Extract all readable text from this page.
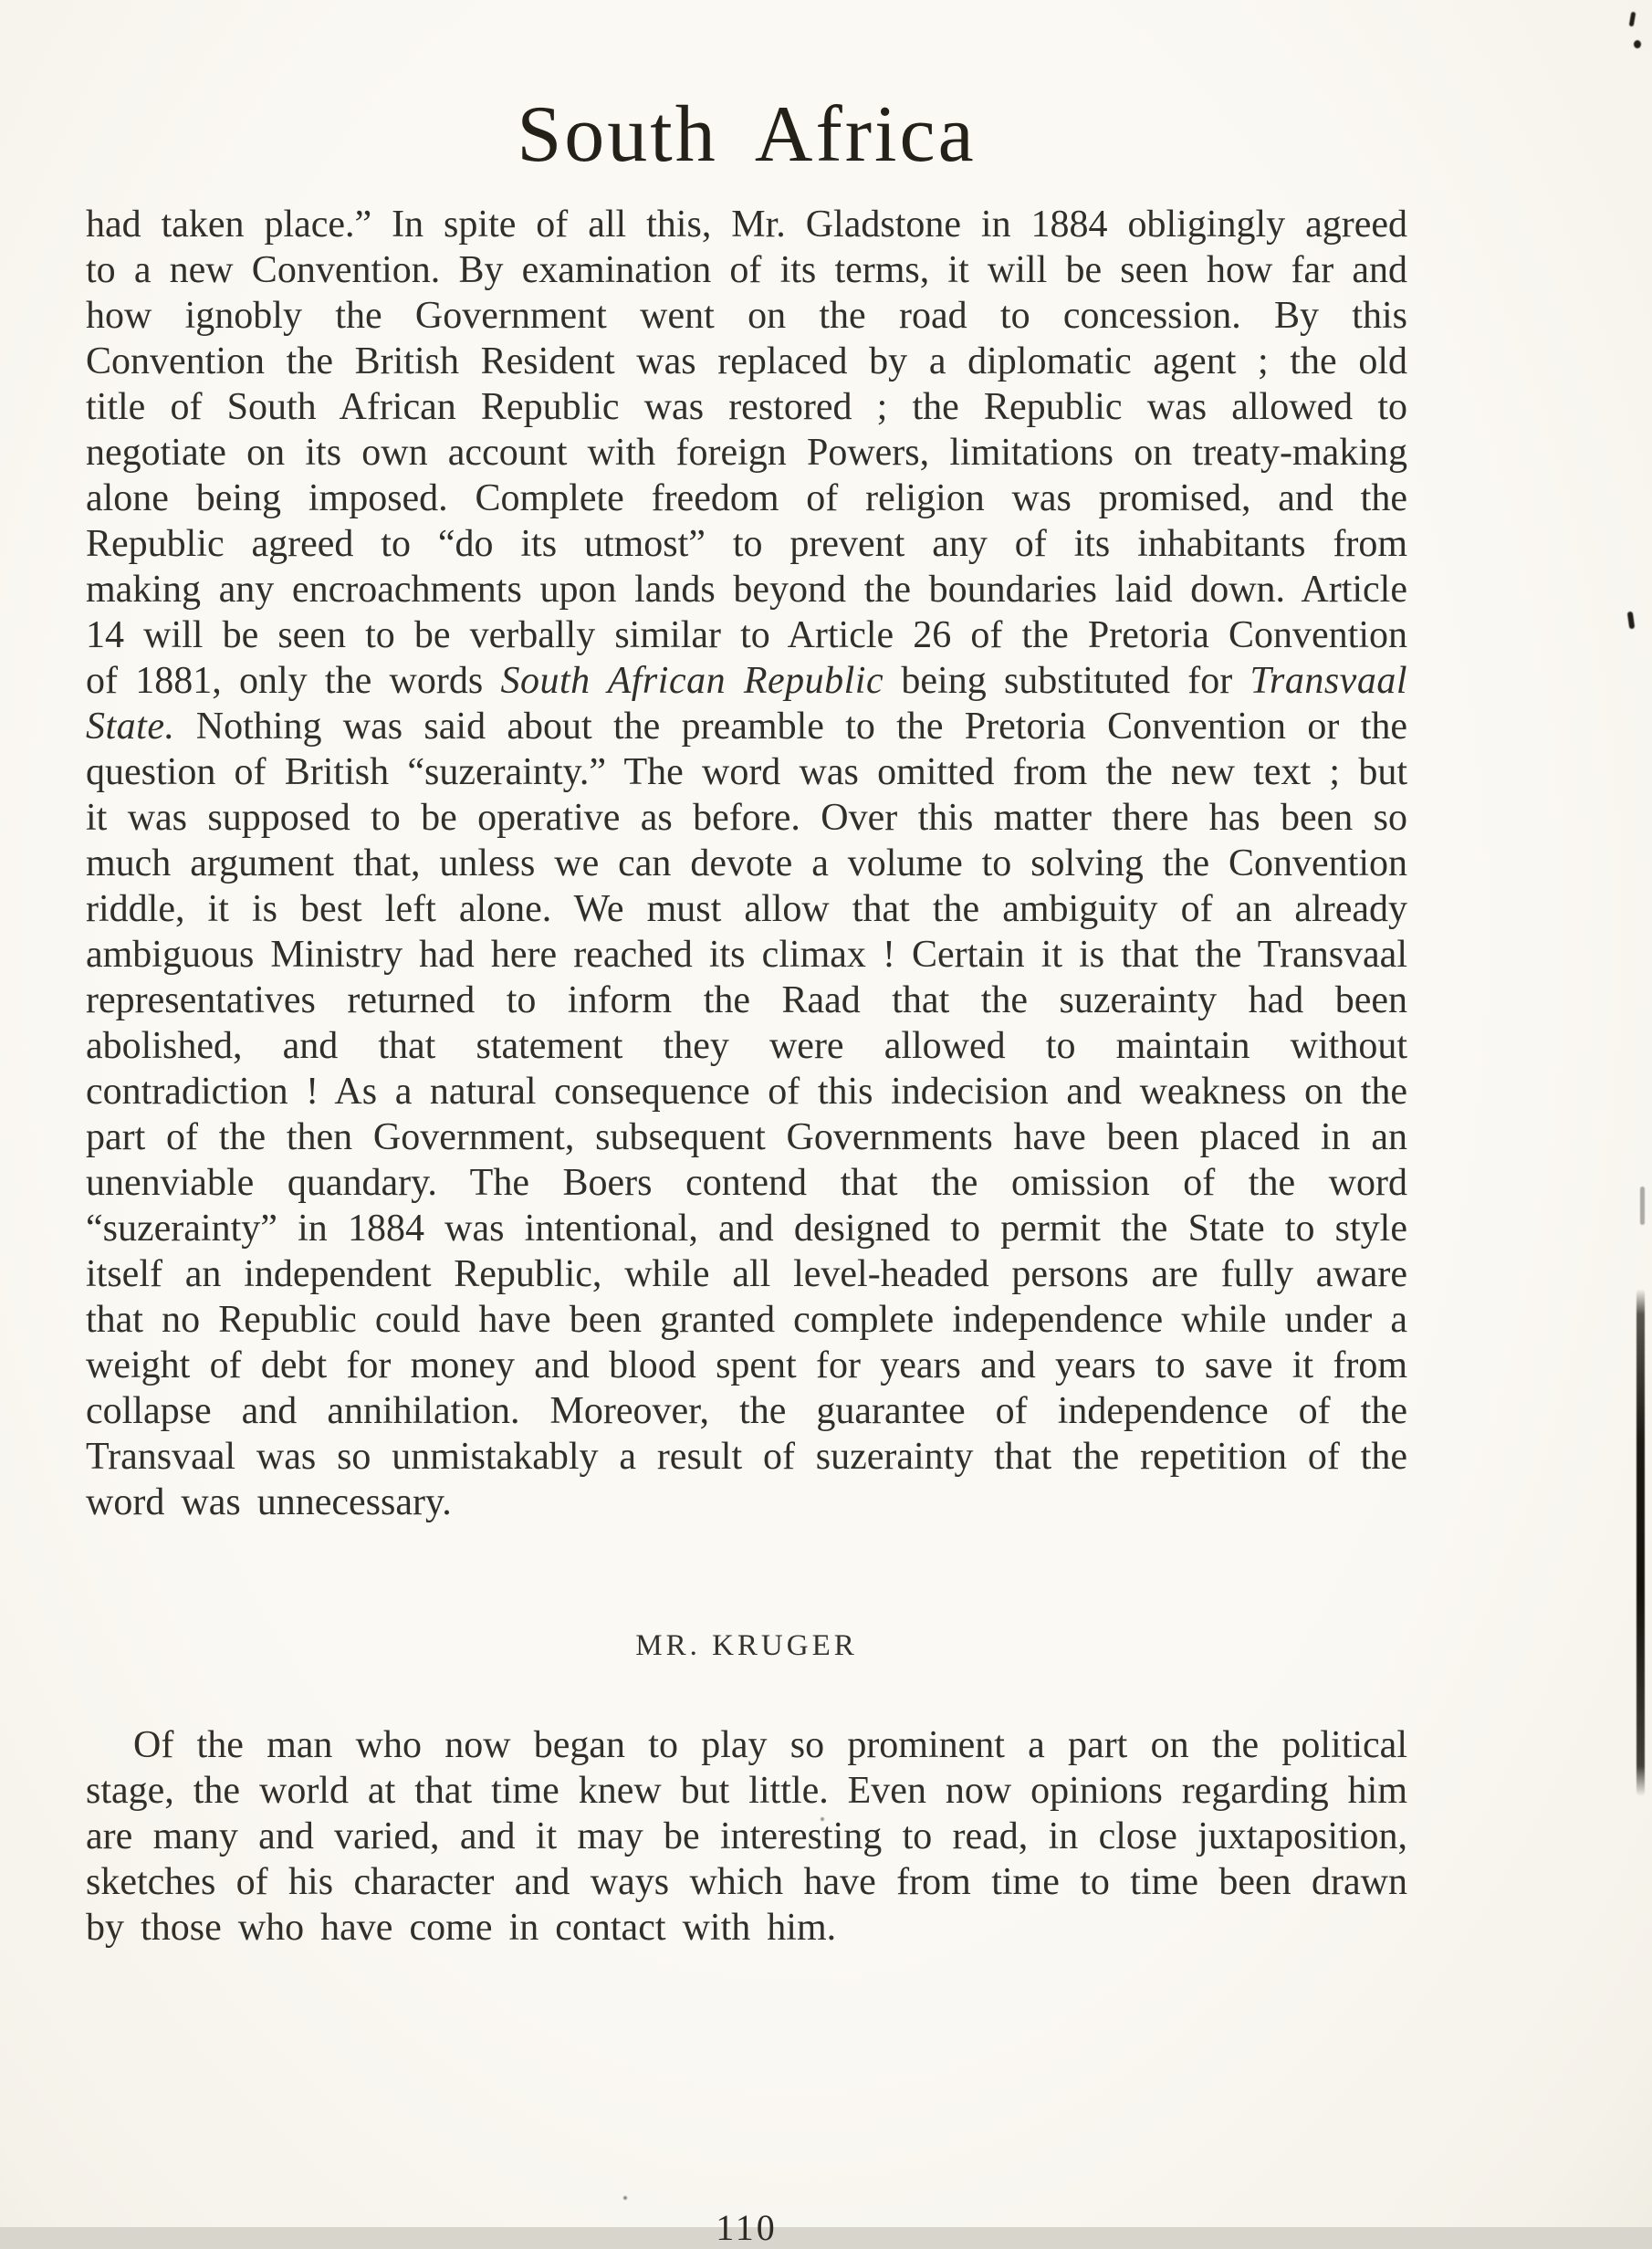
South Africa

had taken place.” In spite of all this, Mr. Gladstone in 1884 obligingly agreed to a new Convention. By examination of its terms, it will be seen how far and how ignobly the Government went on the road to concession. By this Convention the British Resident was replaced by a diplomatic agent ; the old title of South African Republic was restored ; the Republic was allowed to negotiate on its own account with foreign Powers, limitations on treaty-making alone being imposed. Complete freedom of religion was promised, and the Republic agreed to “do its utmost” to prevent any of its inhabitants from making any encroachments upon lands beyond the boundaries laid down. Article 14 will be seen to be verbally similar to Article 26 of the Pretoria Convention of 1881, only the words South African Republic being substituted for Transvaal State. Nothing was said about the preamble to the Pretoria Convention or the question of British “suzerainty.” The word was omitted from the new text ; but it was supposed to be operative as before. Over this matter there has been so much argument that, unless we can devote a volume to solving the Convention riddle, it is best left alone. We must allow that the ambiguity of an already ambiguous Ministry had here reached its climax ! Certain it is that the Transvaal representatives returned to inform the Raad that the suzerainty had been abolished, and that statement they were allowed to maintain without contradiction ! As a natural consequence of this indecision and weakness on the part of the then Government, subsequent Governments have been placed in an unenviable quandary. The Boers contend that the omission of the word “suzerainty” in 1884 was intentional, and designed to permit the State to style itself an independent Republic, while all level-headed persons are fully aware that no Republic could have been granted complete independence while under a weight of debt for money and blood spent for years and years to save it from collapse and annihilation. Moreover, the guarantee of independence of the Transvaal was so unmistakably a result of suzerainty that the repetition of the word was unnecessary.

MR. KRUGER

Of the man who now began to play so prominent a part on the political stage, the world at that time knew but little. Even now opinions regarding him are many and varied, and it may be interesting to read, in close juxtaposition, sketches of his character and ways which have from time to time been drawn by those who have come in contact with him.

110
